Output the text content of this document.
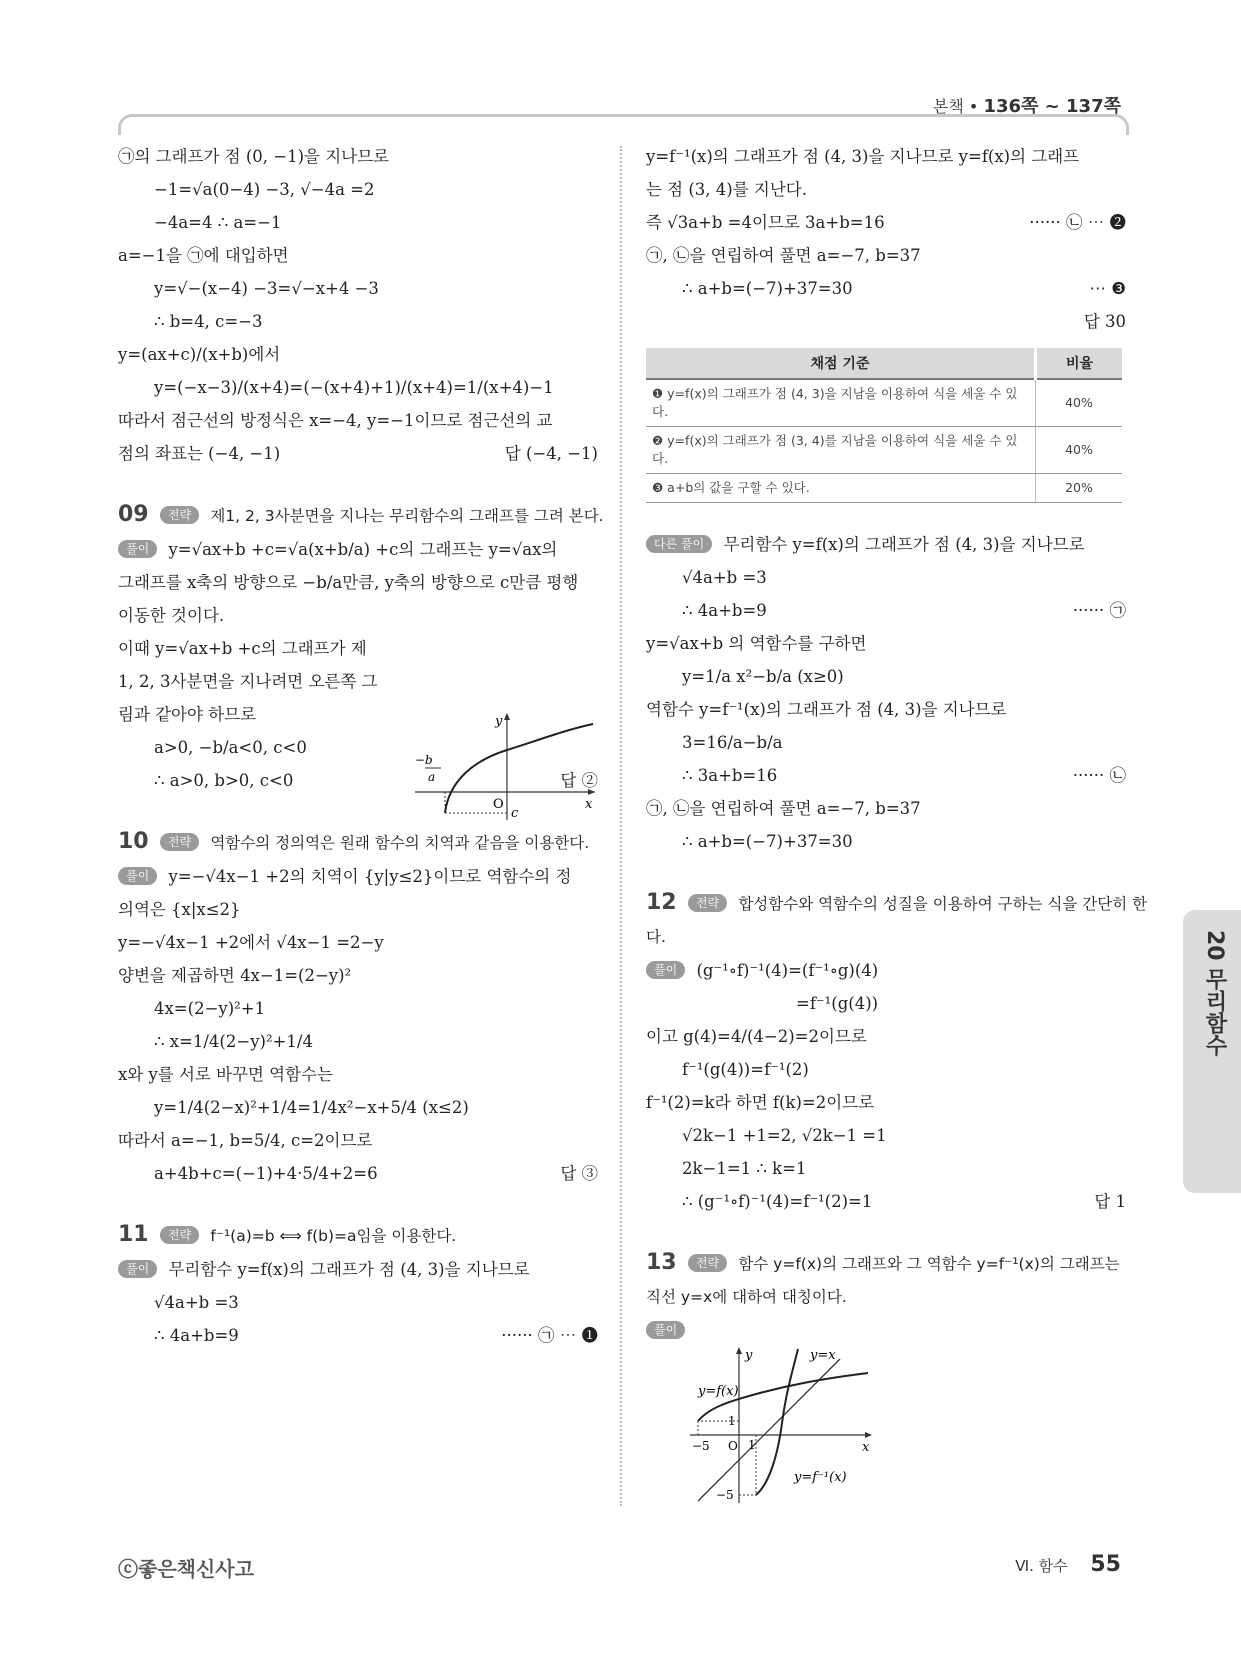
본책 • 136쪽 ~ 137쪽
㉠의 그래프가 점 (0, −1)을 지나므로
−1=√a(0−4) −3, √−4a =2
−4a=4 ∴ a=−1
a=−1을 ㉠에 대입하면
y=√−(x−4) −3=√−x+4 −3
∴ b=4, c=−3
y=(ax+c)/(x+b)에서
y=(−x−3)/(x+4)=(−(x+4)+1)/(x+4)=1/(x+4)−1
따라서 점근선의 방정식은 x=−4, y=−1이므로 점근선의 교
점의 좌표는 (−4, −1)	답 (−4, −1)
09 전략 제1, 2, 3사분면을 지나는 무리함수의 그래프를 그려 본다.
풀이 y=√ax+b +c=√a(x+b/a) +c의 그래프는 y=√ax의
그래프를 x축의 방향으로 −b/a만큼, y축의 방향으로 c만큼 평행
이동한 것이다.
이때 y=√ax+b +c의 그래프가 제
1, 2, 3사분면을 지나려면 오른쪽 그
림과 같아야 하므로
a>0, −b/a<0, c<0
∴ a>0, b>0, c<0	답 ②
10 전략 역함수의 정의역은 원래 함수의 치역과 같음을 이용한다.
풀이 y=−√4x−1 +2의 치역이 {y|y≤2}이므로 역함수의 정
의역은 {x|x≤2}
y=−√4x−1 +2에서 √4x−1 =2−y
양변을 제곱하면 4x−1=(2−y)²
4x=(2−y)²+1
∴ x=1/4(2−y)²+1/4
x와 y를 서로 바꾸면 역함수는
y=1/4(2−x)²+1/4=1/4x²−x+5/4 (x≤2)
따라서 a=−1, b=5/4, c=2이므로
a+4b+c=(−1)+4·5/4+2=6	답 ③
11 전략 f⁻¹(a)=b ⟺ f(b)=a임을 이용한다.
풀이 무리함수 y=f(x)의 그래프가 점 (4, 3)을 지나므로
√4a+b =3
∴ 4a+b=9	······ ㉠ ⋯ ❶
y
x
O
c
−b
a
y=f⁻¹(x)의 그래프가 점 (4, 3)을 지나므로 y=f(x)의 그래프
는 점 (3, 4)를 지난다.
즉 √3a+b =4이므로 3a+b=16	······ ㉡ ⋯ ❷
㉠, ㉡을 연립하여 풀면 a=−7, b=37
∴ a+b=(−7)+37=30	⋯ ❸
답 30
채점 기준	비율
❶ y=f(x)의 그래프가 점 (4, 3)을 지남을 이용하여 식을 세울 수 있다.	40%
❷ y=f(x)의 그래프가 점 (3, 4)를 지남을 이용하여 식을 세울 수 있다.	40%
❸ a+b의 값을 구할 수 있다.	20%
다른 풀이 무리함수 y=f(x)의 그래프가 점 (4, 3)을 지나므로
√4a+b =3
∴ 4a+b=9	······ ㉠
y=√ax+b 의 역함수를 구하면
y=1/a x²−b/a (x≥0)
역함수 y=f⁻¹(x)의 그래프가 점 (4, 3)을 지나므로
3=16/a−b/a
∴ 3a+b=16	······ ㉡
㉠, ㉡을 연립하여 풀면 a=−7, b=37
∴ a+b=(−7)+37=30
12 전략 합성함수와 역함수의 성질을 이용하여 구하는 식을 간단히 한
다.
풀이 (g⁻¹∘f)⁻¹(4)=(f⁻¹∘g)(4)
=f⁻¹(g(4))
이고 g(4)=4/(4−2)=2이므로
f⁻¹(g(4))=f⁻¹(2)
f⁻¹(2)=k라 하면 f(k)=2이므로
√2k−1 +1=2, √2k−1 =1
2k−1=1 ∴ k=1
∴ (g⁻¹∘f)⁻¹(4)=f⁻¹(2)=1	답 1
13 전략 함수 y=f(x)의 그래프와 그 역함수 y=f⁻¹(x)의 그래프는
직선 y=x에 대하여 대칭이다.
풀이
y
x
y=x
y=f(x)
y=f⁻¹(x)
1
1
−5
−5
O
20 무리함수
ⓒ좋은책신사고	Ⅵ. 함수 55
